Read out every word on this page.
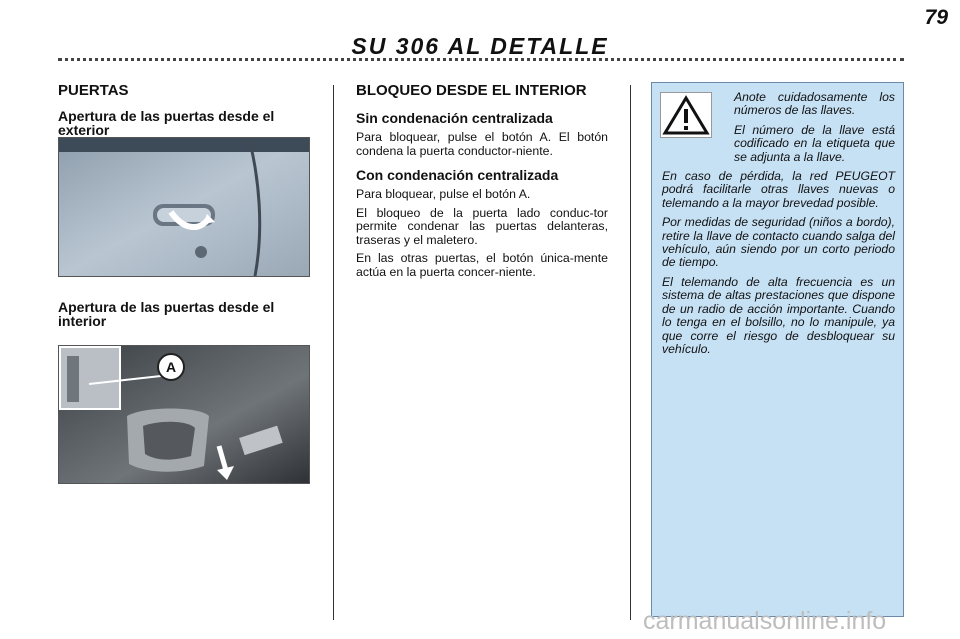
79
SU 306 AL DETALLE
PUERTAS
Apertura de las puertas desde el exterior
Apertura de las puertas desde el interior
A
BLOQUEO DESDE EL INTERIOR
Sin condenación centralizada

Para bloquear, pulse el botón A. El botón condena la puerta conductor-niente.

Con condenación centralizada

Para bloquear, pulse el botón A.

El bloqueo de la puerta lado conduc-tor permite condenar las puertas delanteras, traseras y el maletero.

En las otras puertas, el botón única-mente actúa en la puerta concer-niente.

Anote cuidadosamente los números de las llaves.

El número de la llave está codificado en la etiqueta que se adjunta a la llave.

En caso de pérdida, la red PEUGEOT podrá facilitarle otras llaves nuevas o telemando a la mayor brevedad posible.

Por medidas de seguridad (niños a bordo), retire la llave de contacto cuando salga del vehículo, aún siendo por un corto periodo de tiempo.

El telemando de alta frecuencia es un sistema de altas prestaciones que dispone de un radio de acción importante. Cuando lo tenga en el bolsillo, no lo manipule, ya que corre el riesgo de desbloquear su vehículo.

carmanualsonline.info
